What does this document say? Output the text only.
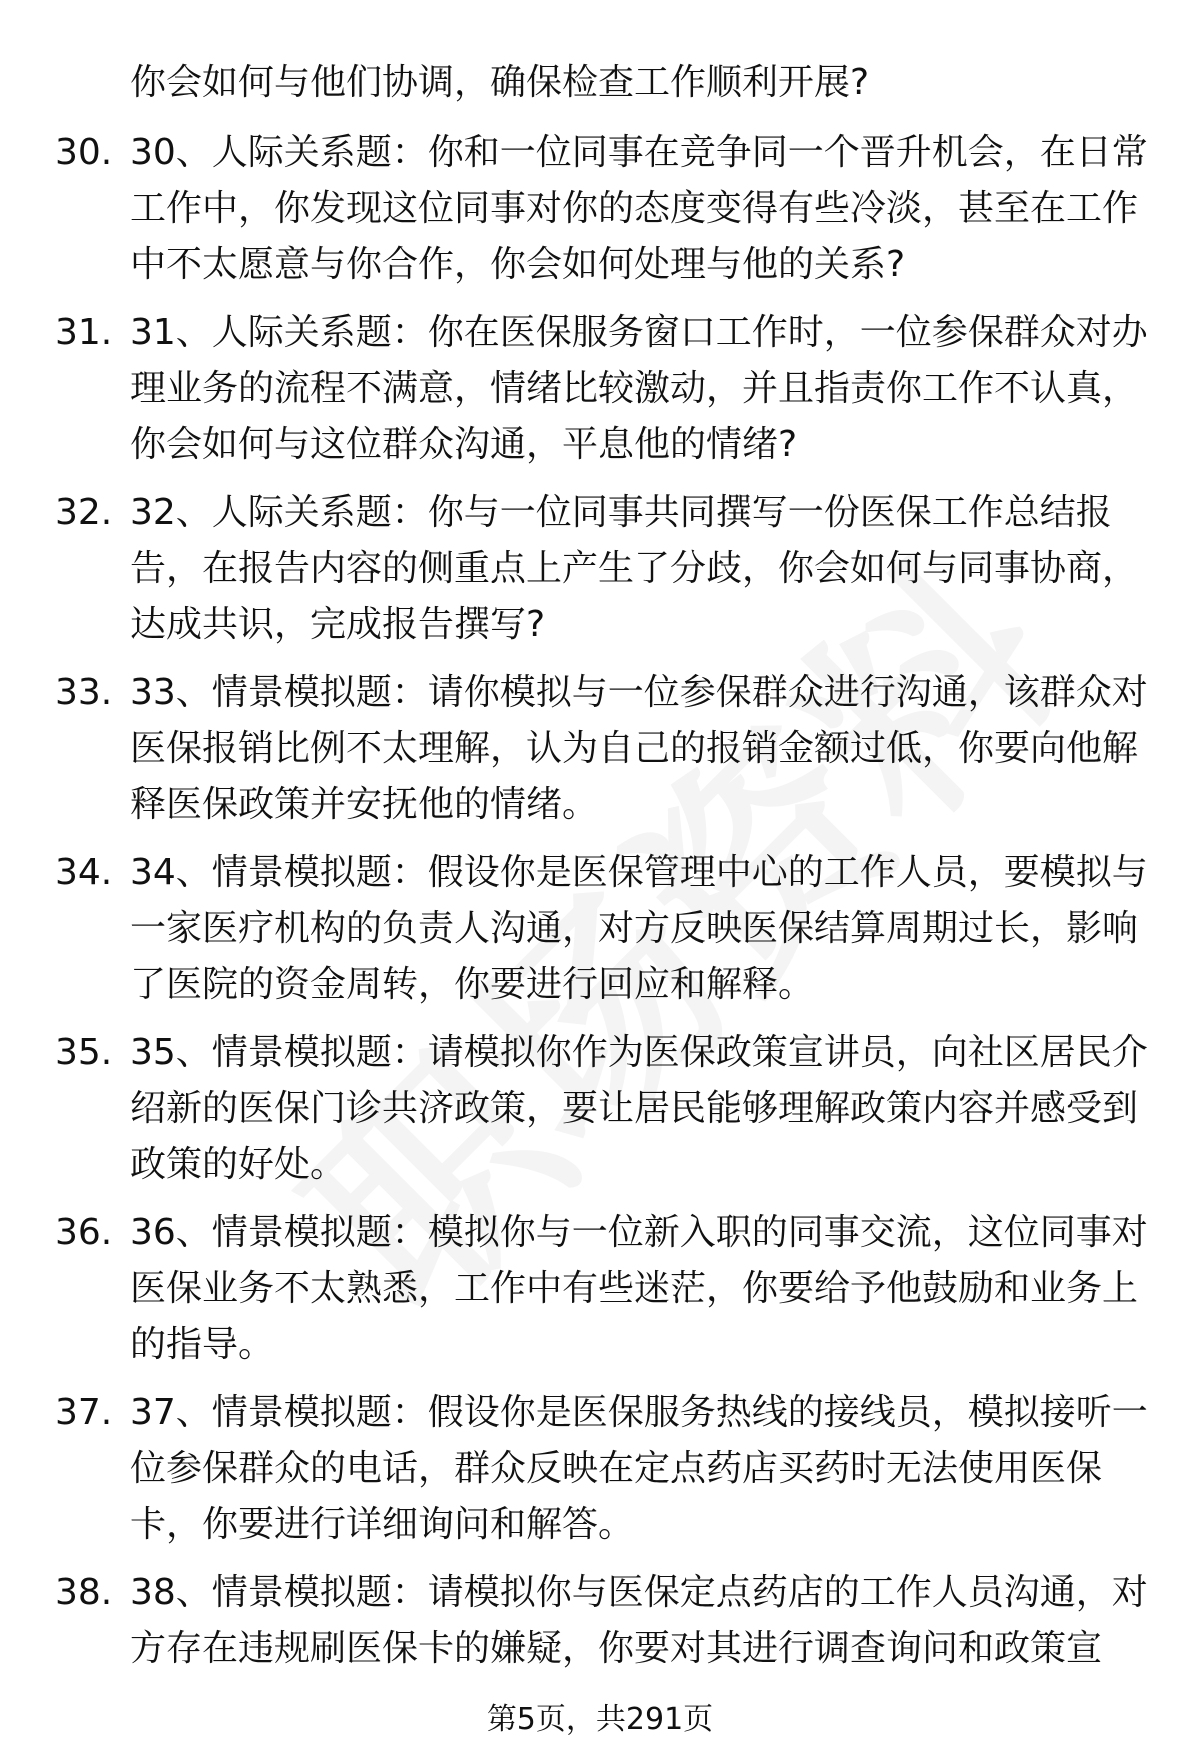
你会如何与他们协调，确保检查工作顺利开展?

30. 30、人际关系题：你和一位同事在竞争同一个晋升机会，在日常工作中，你发现这位同事对你的态度变得有些冷淡，甚至在工作中不太愿意与你合作，你会如何处理与他的关系?

31. 31、人际关系题：你在医保服务窗口工作时，一位参保群众对办理业务的流程不满意，情绪比较激动，并且指责你工作不认真，你会如何与这位群众沟通，平息他的情绪?

32. 32、人际关系题：你与一位同事共同撰写一份医保工作总结报告，在报告内容的侧重点上产生了分歧，你会如何与同事协商，达成共识，完成报告撰写?

33. 33、情景模拟题：请你模拟与一位参保群众进行沟通，该群众对医保报销比例不太理解，认为自己的报销金额过低，你要向他解释医保政策并安抚他的情绪。

34. 34、情景模拟题：假设你是医保管理中心的工作人员，要模拟与一家医疗机构的负责人沟通，对方反映医保结算周期过长，影响了医院的资金周转，你要进行回应和解释。

35. 35、情景模拟题：请模拟你作为医保政策宣讲员，向社区居民介绍新的医保门诊共济政策，要让居民能够理解政策内容并感受到政策的好处。

36. 36、情景模拟题：模拟你与一位新入职的同事交流，这位同事对医保业务不太熟悉，工作中有些迷茫，你要给予他鼓励和业务上的指导。

37. 37、情景模拟题：假设你是医保服务热线的接线员，模拟接听一位参保群众的电话，群众反映在定点药店买药时无法使用医保卡，你要进行详细询问和解答。

38. 38、情景模拟题：请模拟你与医保定点药店的工作人员沟通，对方存在违规刷医保卡的嫌疑，你要对其进行调查询问和政策宣

第5页，共291页
